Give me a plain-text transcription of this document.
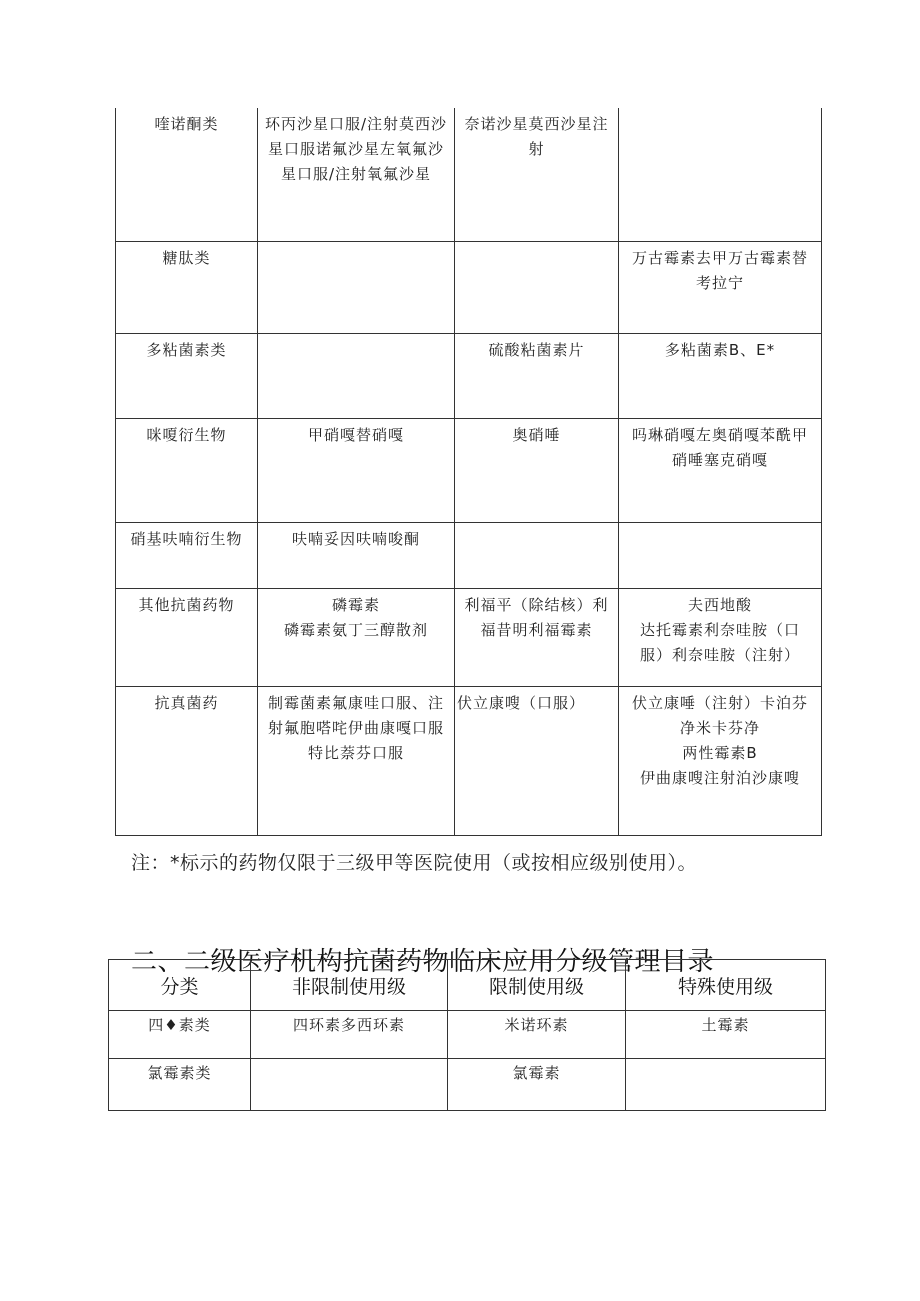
喹诺酮类	环丙沙星口服/注射莫西沙
星口服诺氟沙星左氧氟沙
星口服/注射氧氟沙星	奈诺沙星莫西沙星注
射	

糖肽类			万古霉素去甲万古霉素替
考拉宁

多粘菌素类		硫酸粘菌素片	多粘菌素B、E*
咪嗄衍生物	甲硝嘎替硝嘎	奥硝唾	吗琳硝嘎左奥硝嘎苯酰甲
硝唾塞克硝嘎

硝基呋喃衍生物	呋喃妥因呋喃唆酮		
其他抗菌药物	磷霉素
磷霉素氨丁三醇散剂	利福平（除结核）利
福昔明利福霉素	夫西地酸
达托霉素利奈哇胺（口
服）利奈哇胺（注射）

抗真菌药	制霉菌素氟康哇口服、注
射氟胞嗒咤伊曲康嘎口服
特比萘芬口服	伏立康嗖（口服）	伏立康唾（注射）卡泊芬
净米卡芬净
两性霉素B
伊曲康嗖注射泊沙康嗖
注：*标示的药物仅限于三级甲等医院使用（或按相应级别使用）。
二、二级医疗机构抗菌药物临床应用分级管理目录
分类	非限制使用级	限制使用级	特殊使用级
四♦素类	四环素多西环素	米诺环素	土霉素
氯霉素类		氯霉素	
